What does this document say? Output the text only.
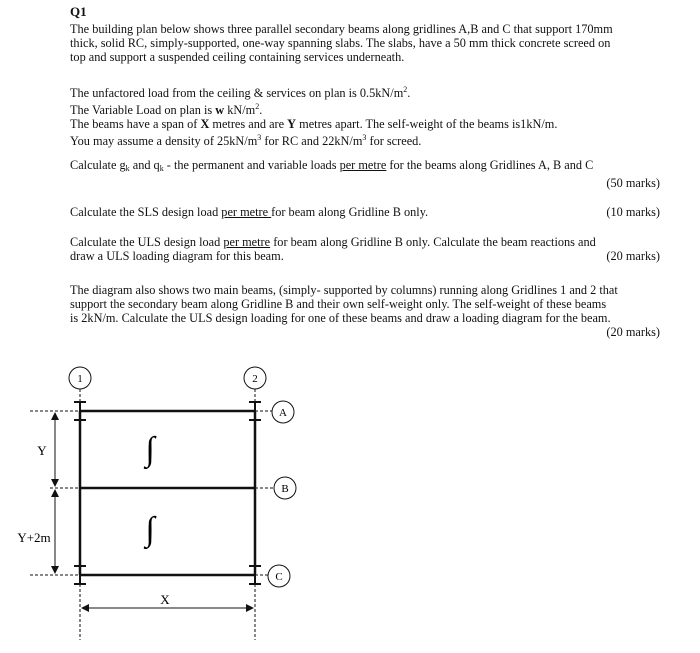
Q1

The building plan below shows three parallel secondary beams along gridlines A,B and C that support 170mm

thick, solid RC, simply-supported, one-way spanning slabs. The slabs, have a 50 mm thick concrete screed on

top and support a suspended ceiling containing services underneath.

The unfactored load from the ceiling & services on plan is $0.5kN/m^2$.

The Variable Load on plan is w $kN/m^2$.

The beams have a span of X metres and are Y metres apart. The self-weight of the beams is1kN/m.

You may assume a density of $25kN/m^3$ for RC and $22kN/m^3$ for screed.

Calculate $g_k$ and $q_k$ - the permanent and variable loads per metre for the beams along Gridlines A, B and C

(50 marks)

Calculate the SLS design load per metre for beam along Gridline B only.	(10 marks)

Calculate the ULS design load per metre for beam along Gridline B only. Calculate the beam reactions and

draw a ULS loading diagram for this beam.	(20 marks)

The diagram also shows two main beams, (simply- supported by columns) running along Gridlines 1 and 2 that

support the secondary beam along Gridline B and their own self-weight only. The self-weight of these beams

is 2kN/m. Calculate the ULS design loading for one of these beams and draw a loading diagram for the beam.

(20 marks)

1	2
A
B
C
∫
∫
Y
Y+2m
X
